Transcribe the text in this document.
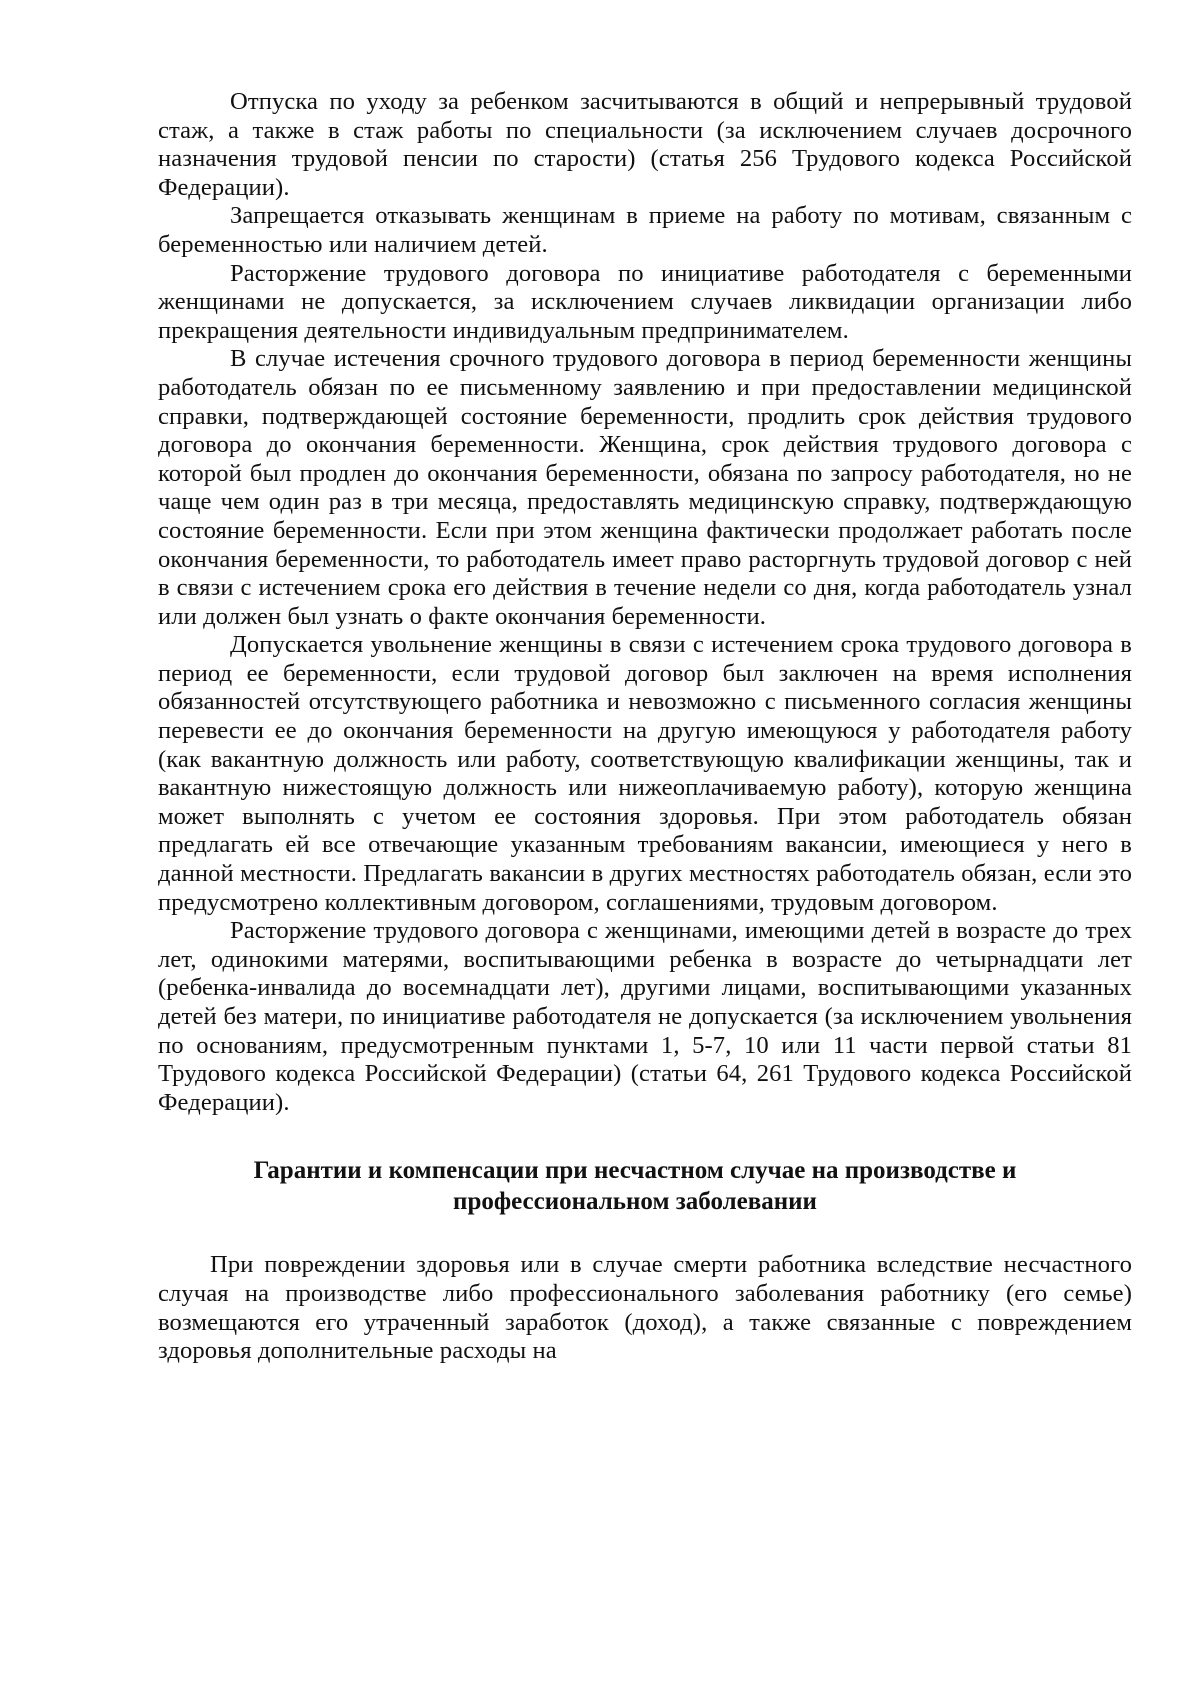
Отпуска по уходу за ребенком засчитываются в общий и непрерывный трудовой стаж, а также в стаж работы по специальности (за исключением случаев досрочного назначения трудовой пенсии по старости) (статья 256 Трудового кодекса Российской Федерации).

Запрещается отказывать женщинам в приеме на работу по мотивам, связанным с беременностью или наличием детей.

Расторжение трудового договора по инициативе работодателя с беременными женщинами не допускается, за исключением случаев ликвидации организации либо прекращения деятельности индивидуальным предпринимателем.

В случае истечения срочного трудового договора в период беременности женщины работодатель обязан по ее письменному заявлению и при предоставлении медицинской справки, подтверждающей состояние беременности, продлить срок действия трудового договора до окончания беременности. Женщина, срок действия трудового договора с которой был продлен до окончания беременности, обязана по запросу работодателя, но не чаще чем один раз в три месяца, предоставлять медицинскую справку, подтверждающую состояние беременности. Если при этом женщина фактически продолжает работать после окончания беременности, то работодатель имеет право расторгнуть трудовой договор с ней в связи с истечением срока его действия в течение недели со дня, когда работодатель узнал или должен был узнать о факте окончания беременности.

Допускается увольнение женщины в связи с истечением срока трудового договора в период ее беременности, если трудовой договор был заключен на время исполнения обязанностей отсутствующего работника и невозможно с письменного согласия женщины перевести ее до окончания беременности на другую имеющуюся у работодателя работу (как вакантную должность или работу, соответствующую квалификации женщины, так и вакантную нижестоящую должность или нижеоплачиваемую работу), которую женщина может выполнять с учетом ее состояния здоровья. При этом работодатель обязан предлагать ей все отвечающие указанным требованиям вакансии, имеющиеся у него в данной местности. Предлагать вакансии в других местностях работодатель обязан, если это предусмотрено коллективным договором, соглашениями, трудовым договором.

Расторжение трудового договора с женщинами, имеющими детей в возрасте до трех лет, одинокими матерями, воспитывающими ребенка в возрасте до четырнадцати лет (ребенка-инвалида до восемнадцати лет), другими лицами, воспитывающими указанных детей без матери, по инициативе работодателя не допускается (за исключением увольнения по основаниям, предусмотренным пунктами 1, 5-7, 10 или 11 части первой статьи 81 Трудового кодекса Российской Федерации) (статьи 64, 261 Трудового кодекса Российской Федерации).

Гарантии и компенсации при несчастном случае на производстве и профессиональном заболевании

При повреждении здоровья или в случае смерти работника вследствие несчастного случая на производстве либо профессионального заболевания работнику (его семье) возмещаются его утраченный заработок (доход), а также связанные с повреждением здоровья дополнительные расходы на
